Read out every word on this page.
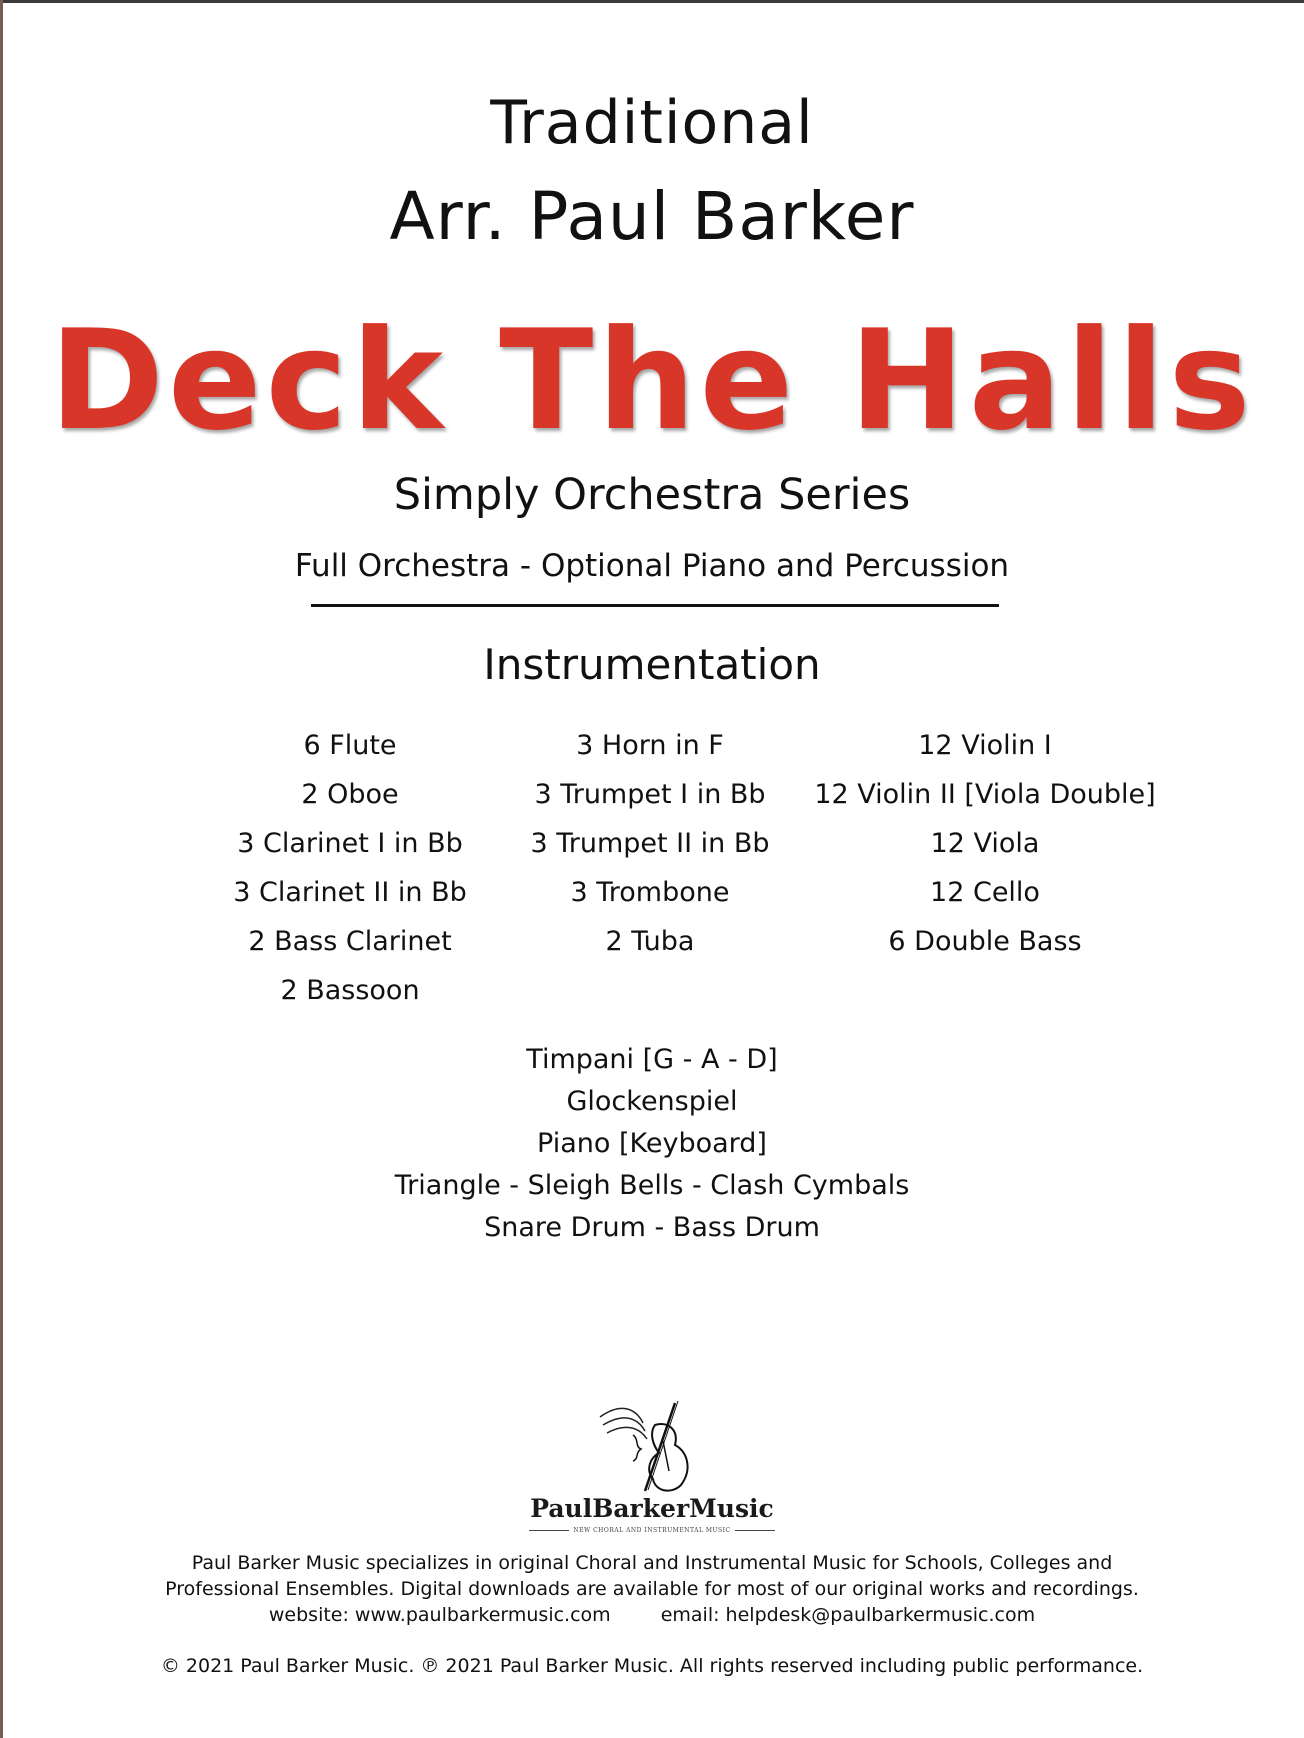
Traditional
Arr. Paul Barker
Deck The Halls
Simply Orchestra Series
Full Orchestra - Optional Piano and Percussion
Instrumentation
6 Flute
2 Oboe
3 Clarinet I in Bb
3 Clarinet II in Bb
2 Bass Clarinet
2 Bassoon
3 Horn in F
3 Trumpet I in Bb
3 Trumpet II in Bb
3 Trombone
2 Tuba
12 Violin I
12 Violin II [Viola Double]
12 Viola
12 Cello
6 Double Bass
Timpani [G - A - D]
Glockenspiel
Piano [Keyboard]
Triangle - Sleigh Bells - Clash Cymbals
Snare Drum - Bass Drum
PaulBarkerMusic
NEW CHORAL AND INSTRUMENTAL MUSIC
Paul Barker Music specializes in original Choral and Instrumental Music for Schools, Colleges and
Professional Ensembles. Digital downloads are available for most of our original works and recordings.
website: www.paulbarkermusic.com	email: helpdesk@paulbarkermusic.com
© 2021 Paul Barker Music. ℗ 2021 Paul Barker Music. All rights reserved including public performance.
